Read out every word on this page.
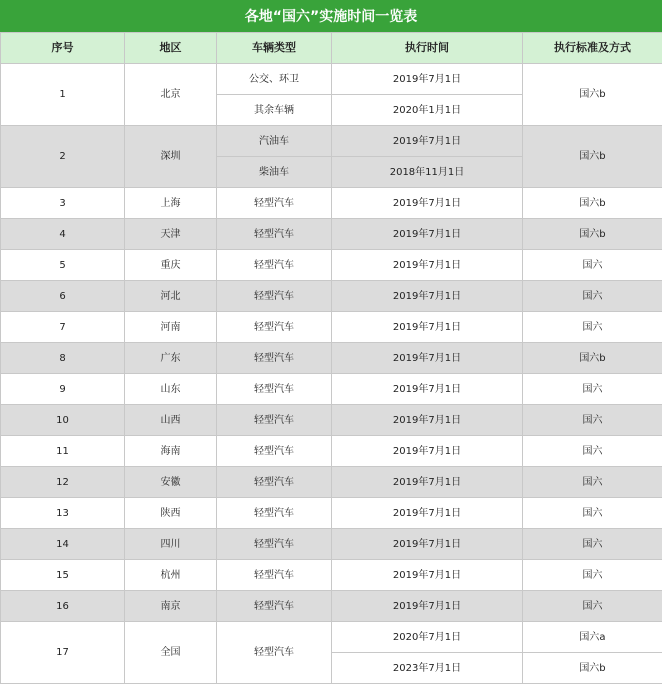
各地“国六”实施时间一览表
序号	地区	车辆类型	执行时间	执行标准及方式
1	北京	公交、环卫	2019年7月1日	国六b
		其余车辆	2020年1月1日	
2	深圳	汽油车	2019年7月1日	国六b
		柴油车	2018年11月1日	
3	上海	轻型汽车	2019年7月1日	国六b
4	天津	轻型汽车	2019年7月1日	国六b
5	重庆	轻型汽车	2019年7月1日	国六
6	河北	轻型汽车	2019年7月1日	国六
7	河南	轻型汽车	2019年7月1日	国六
8	广东	轻型汽车	2019年7月1日	国六b
9	山东	轻型汽车	2019年7月1日	国六
10	山西	轻型汽车	2019年7月1日	国六
11	海南	轻型汽车	2019年7月1日	国六
12	安徽	轻型汽车	2019年7月1日	国六
13	陕西	轻型汽车	2019年7月1日	国六
14	四川	轻型汽车	2019年7月1日	国六
15	杭州	轻型汽车	2019年7月1日	国六
16	南京	轻型汽车	2019年7月1日	国六
17	全国	轻型汽车	2020年7月1日	国六a
			2023年7月1日	国六b
